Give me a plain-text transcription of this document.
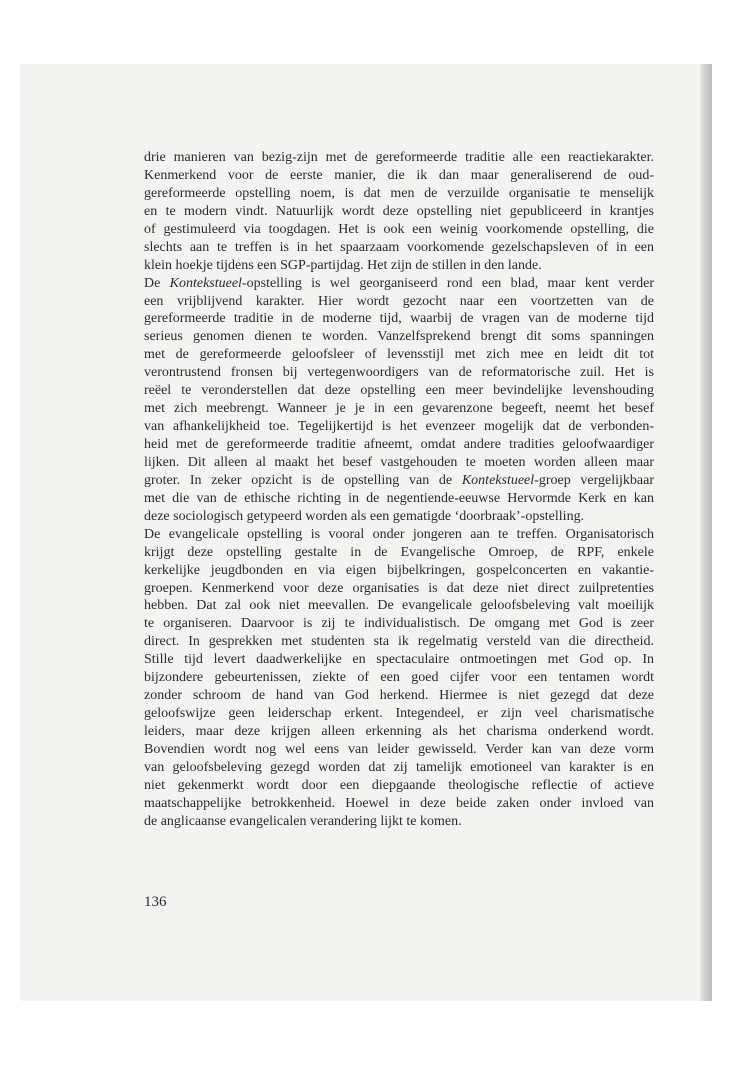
drie manieren van bezig-zijn met de gereformeerde traditie alle een reactiekarakter.
Kenmerkend voor de eerste manier, die ik dan maar generaliserend de oud-
gereformeerde opstelling noem, is dat men de verzuilde organisatie te menselijk
en te modern vindt. Natuurlijk wordt deze opstelling niet gepubliceerd in krantjes
of gestimuleerd via toogdagen. Het is ook een weinig voorkomende opstelling, die
slechts aan te treffen is in het spaarzaam voorkomende gezelschapsleven of in een
klein hoekje tijdens een SGP-partijdag. Het zijn de stillen in den lande.
De Kontekstueel-opstelling is wel georganiseerd rond een blad, maar kent verder
een vrijblijvend karakter. Hier wordt gezocht naar een voortzetten van de
gereformeerde traditie in de moderne tijd, waarbij de vragen van de moderne tijd
serieus genomen dienen te worden. Vanzelfsprekend brengt dit soms spanningen
met de gereformeerde geloofsleer of levensstijl met zich mee en leidt dit tot
verontrustend fronsen bij vertegenwoordigers van de reformatorische zuil. Het is
reëel te veronderstellen dat deze opstelling een meer bevindelijke levenshouding
met zich meebrengt. Wanneer je je in een gevarenzone begeeft, neemt het besef
van afhankelijkheid toe. Tegelijkertijd is het evenzeer mogelijk dat de verbonden-
heid met de gereformeerde traditie afneemt, omdat andere tradities geloofwaardiger
lijken. Dit alleen al maakt het besef vastgehouden te moeten worden alleen maar
groter. In zeker opzicht is de opstelling van de Kontekstueel-groep vergelijkbaar
met die van de ethische richting in de negentiende-eeuwse Hervormde Kerk en kan
deze sociologisch getypeerd worden als een gematigde ‘doorbraak’-opstelling.
De evangelicale opstelling is vooral onder jongeren aan te treffen. Organisatorisch
krijgt deze opstelling gestalte in de Evangelische Omroep, de RPF, enkele
kerkelijke jeugdbonden en via eigen bijbelkringen, gospelconcerten en vakantie-
groepen. Kenmerkend voor deze organisaties is dat deze niet direct zuilpretenties
hebben. Dat zal ook niet meevallen. De evangelicale geloofsbeleving valt moeilijk
te organiseren. Daarvoor is zij te individualistisch. De omgang met God is zeer
direct. In gesprekken met studenten sta ik regelmatig versteld van die directheid.
Stille tijd levert daadwerkelijke en spectaculaire ontmoetingen met God op. In
bijzondere gebeurtenissen, ziekte of een goed cijfer voor een tentamen wordt
zonder schroom de hand van God herkend. Hiermee is niet gezegd dat deze
geloofswijze geen leiderschap erkent. Integendeel, er zijn veel charismatische
leiders, maar deze krijgen alleen erkenning als het charisma onderkend wordt.
Bovendien wordt nog wel eens van leider gewisseld. Verder kan van deze vorm
van geloofsbeleving gezegd worden dat zij tamelijk emotioneel van karakter is en
niet gekenmerkt wordt door een diepgaande theologische reflectie of actieve
maatschappelijke betrokkenheid. Hoewel in deze beide zaken onder invloed van
de anglicaanse evangelicalen verandering lijkt te komen.
136
